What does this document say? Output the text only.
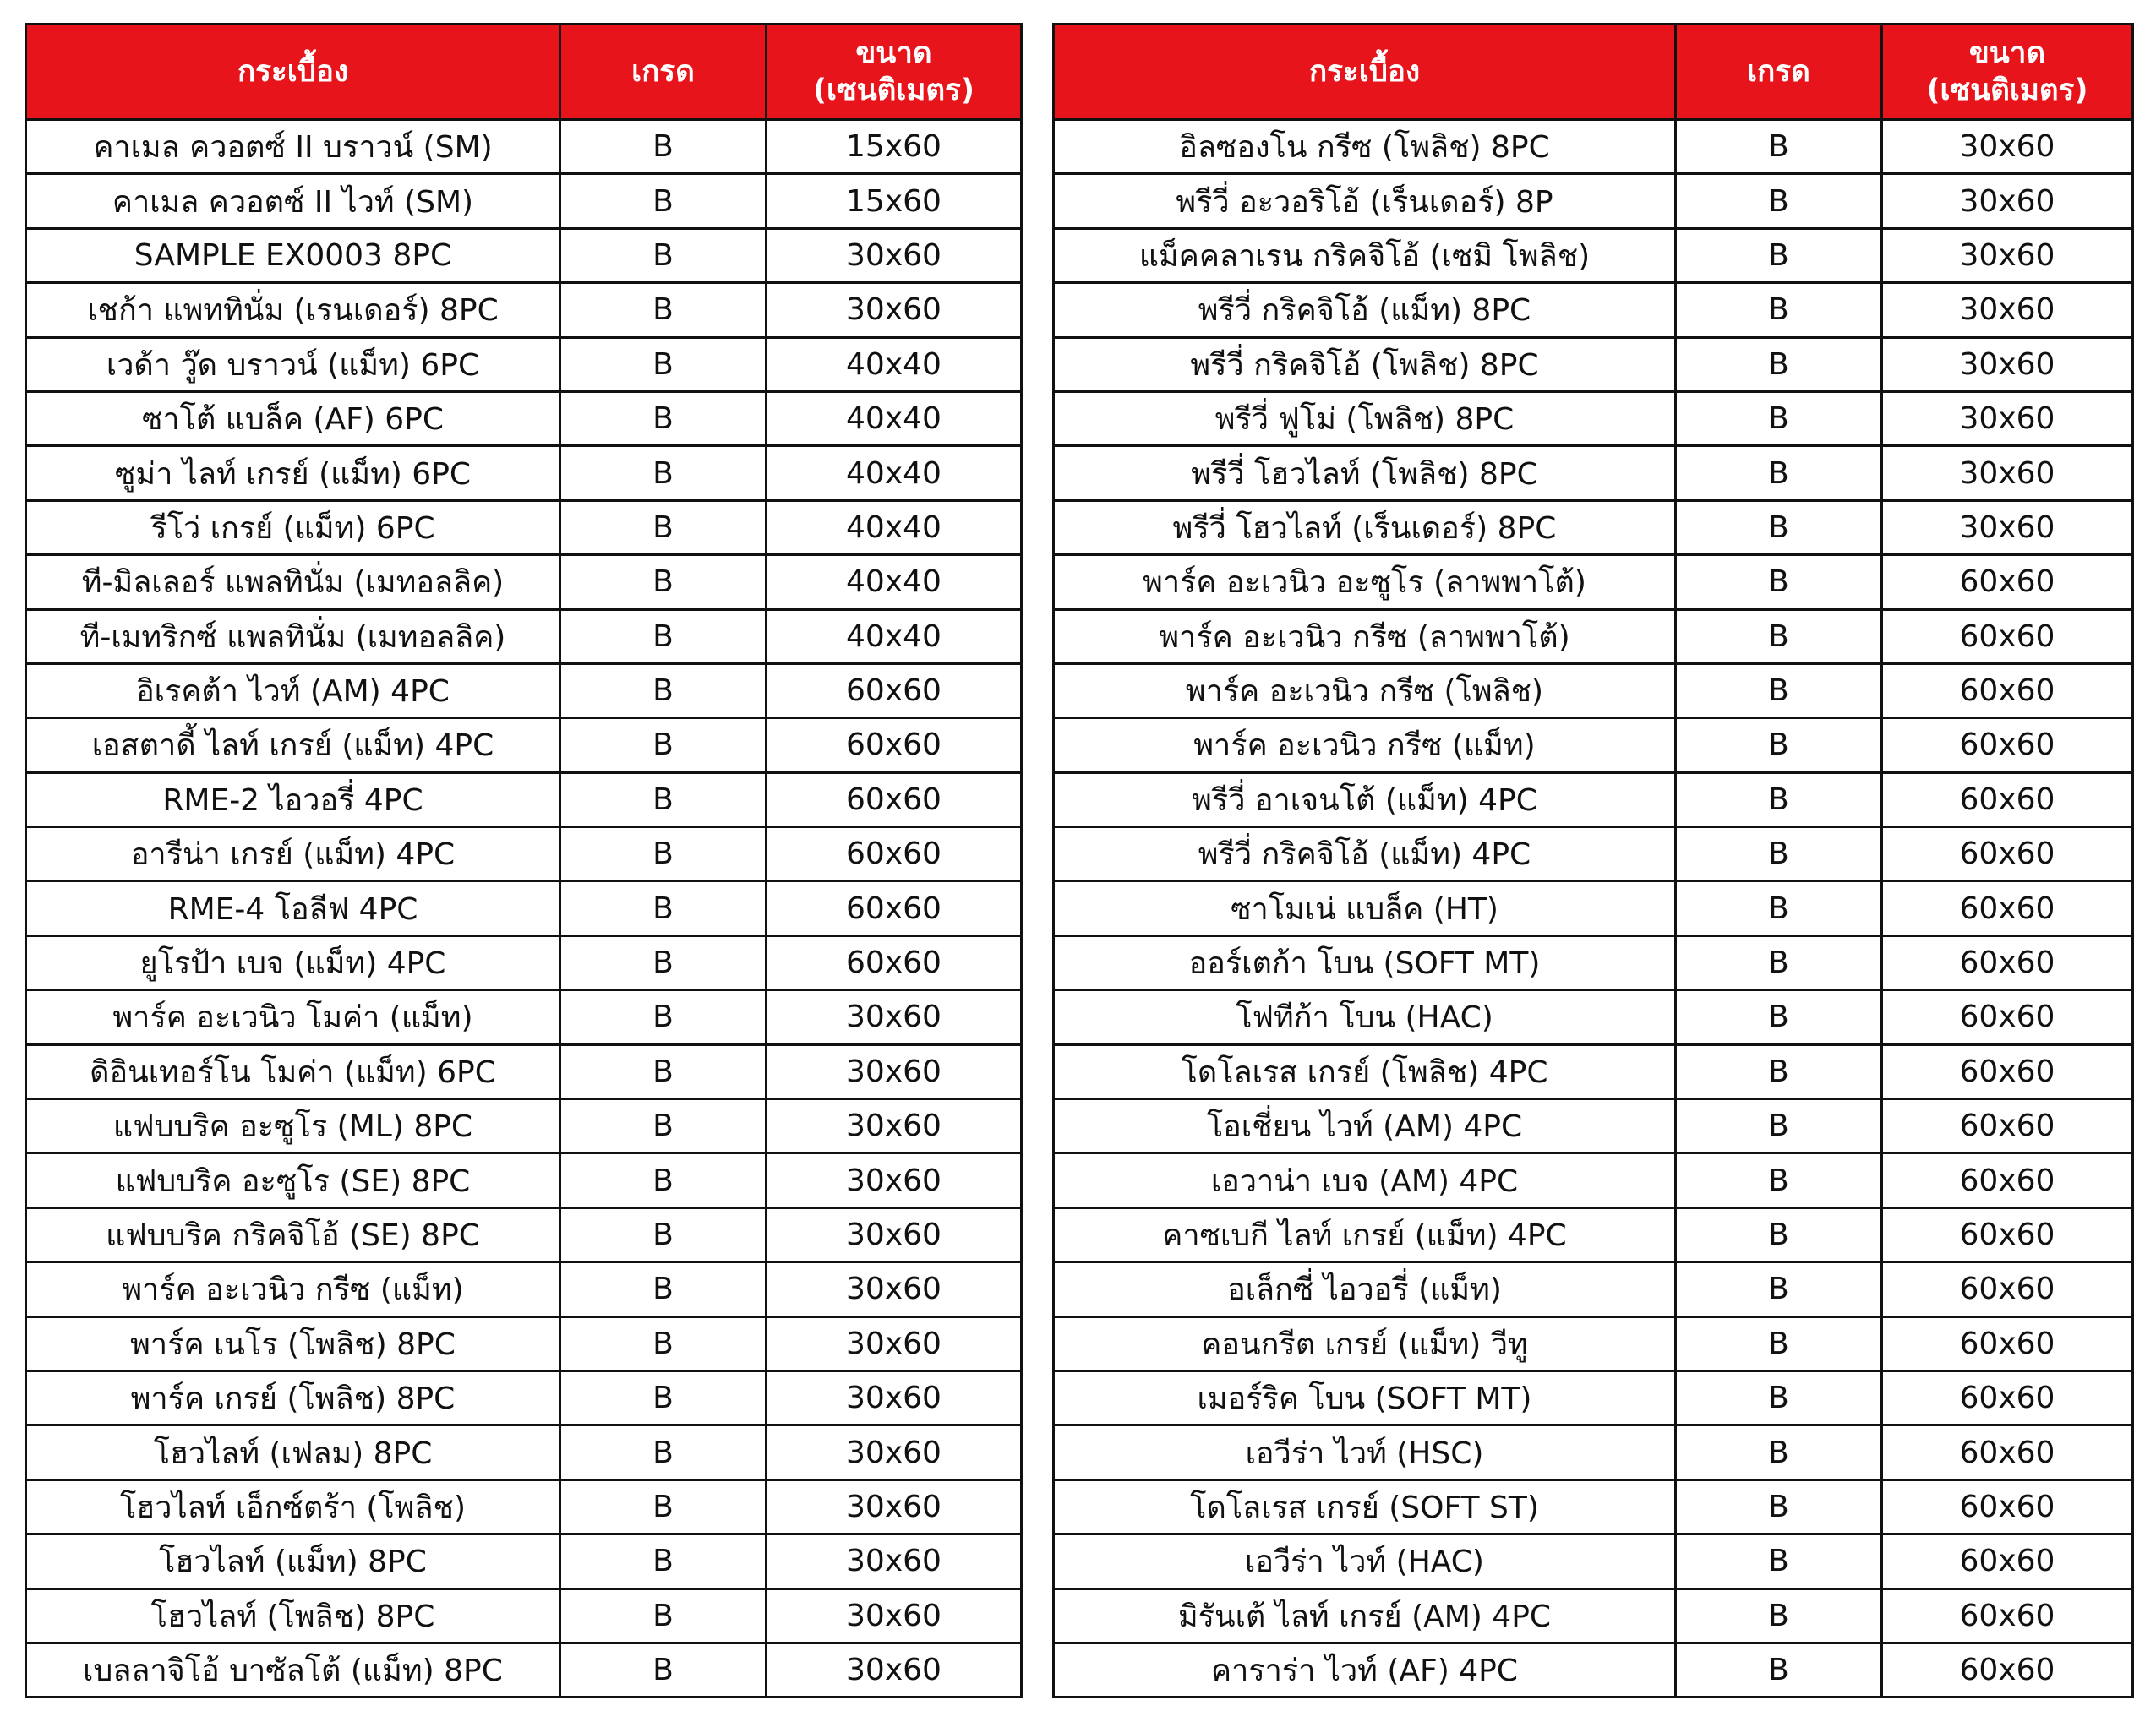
กระเบื้อง	เกรด	ขนาด
(เซนติเมตร)

คาเมล ควอตซ์ II บราวน์ (SM)	B	15x60
คาเมล ควอตซ์ II ไวท์ (SM)	B	15x60
SAMPLE EX0003 8PC	B	30x60
เชก้า แพททินั่ม (เรนเดอร์) 8PC	B	30x60
เวด้า วู๊ด บราวน์ (แม็ท) 6PC	B	40x40
ซาโต้ แบล็ค (AF) 6PC	B	40x40
ซูม่า ไลท์ เกรย์ (แม็ท) 6PC	B	40x40
รีโว่ เกรย์ (แม็ท) 6PC	B	40x40
ที-มิลเลอร์ แพลทินั่ม (เมทอลลิค)	B	40x40
ที-เมทริกซ์ แพลทินั่ม (เมทอลลิค)	B	40x40
อิเรคต้า ไวท์ (AM) 4PC	B	60x60
เอสตาดี้ ไลท์ เกรย์ (แม็ท) 4PC	B	60x60
RME-2 ไอวอรี่ 4PC	B	60x60
อารีน่า เกรย์ (แม็ท) 4PC	B	60x60
RME-4 โอลีฟ 4PC	B	60x60
ยูโรป้า เบจ (แม็ท) 4PC	B	60x60
พาร์ค อะเวนิว โมค่า (แม็ท)	B	30x60
ดิอินเทอร์โน โมค่า (แม็ท) 6PC	B	30x60
แฟบบริค อะซูโร (ML) 8PC	B	30x60
แฟบบริค อะซูโร (SE) 8PC	B	30x60
แฟบบริค กริคจิโอ้ (SE) 8PC	B	30x60
พาร์ค อะเวนิว กรีซ (แม็ท)	B	30x60
พาร์ค เนโร (โพลิช) 8PC	B	30x60
พาร์ค เกรย์ (โพลิช) 8PC	B	30x60
โฮวไลท์ (เฟลม) 8PC	B	30x60
โฮวไลท์ เอ็กซ์ตร้า (โพลิช)	B	30x60
โฮวไลท์ (แม็ท) 8PC	B	30x60
โฮวไลท์ (โพลิช) 8PC	B	30x60
เบลลาจิโอ้ บาซัลโต้ (แม็ท) 8PC	B	30x60
กระเบื้อง	เกรด	ขนาด
(เซนติเมตร)

อิลซองโน กรีซ (โพลิช) 8PC	B	30x60
พรีวี่ อะวอริโอ้ (เร็นเดอร์) 8P	B	30x60
แม็คคลาเรน กริคจิโอ้ (เซมิ โพลิช)	B	30x60
พรีวี่ กริคจิโอ้ (แม็ท) 8PC	B	30x60
พรีวี่ กริคจิโอ้ (โพลิช) 8PC	B	30x60
พรีวี่ ฟูโม่ (โพลิช) 8PC	B	30x60
พรีวี่ โฮวไลท์ (โพลิช) 8PC	B	30x60
พรีวี่ โฮวไลท์ (เร็นเดอร์) 8PC	B	30x60
พาร์ค อะเวนิว อะซูโร (ลาพพาโต้)	B	60x60
พาร์ค อะเวนิว กรีซ (ลาพพาโต้)	B	60x60
พาร์ค อะเวนิว กรีซ (โพลิช)	B	60x60
พาร์ค อะเวนิว กรีซ (แม็ท)	B	60x60
พรีวี่ อาเจนโต้ (แม็ท) 4PC	B	60x60
พรีวี่ กริคจิโอ้ (แม็ท) 4PC	B	60x60
ซาโมเน่ แบล็ค (HT)	B	60x60
ออร์เตก้า โบน (SOFT MT)	B	60x60
โฟทีก้า โบน (HAC)	B	60x60
โดโลเรส เกรย์ (โพลิช) 4PC	B	60x60
โอเชี่ยน ไวท์ (AM) 4PC	B	60x60
เอวาน่า เบจ (AM) 4PC	B	60x60
คาซเบกี ไลท์ เกรย์ (แม็ท) 4PC	B	60x60
อเล็กซี่ ไอวอรี่ (แม็ท)	B	60x60
คอนกรีต เกรย์ (แม็ท) วีทู	B	60x60
เมอร์ริค โบน (SOFT MT)	B	60x60
เอวีร่า ไวท์ (HSC)	B	60x60
โดโลเรส เกรย์ (SOFT ST)	B	60x60
เอวีร่า ไวท์ (HAC)	B	60x60
มิรันเต้ ไลท์ เกรย์ (AM) 4PC	B	60x60
คาราร่า ไวท์ (AF) 4PC	B	60x60
